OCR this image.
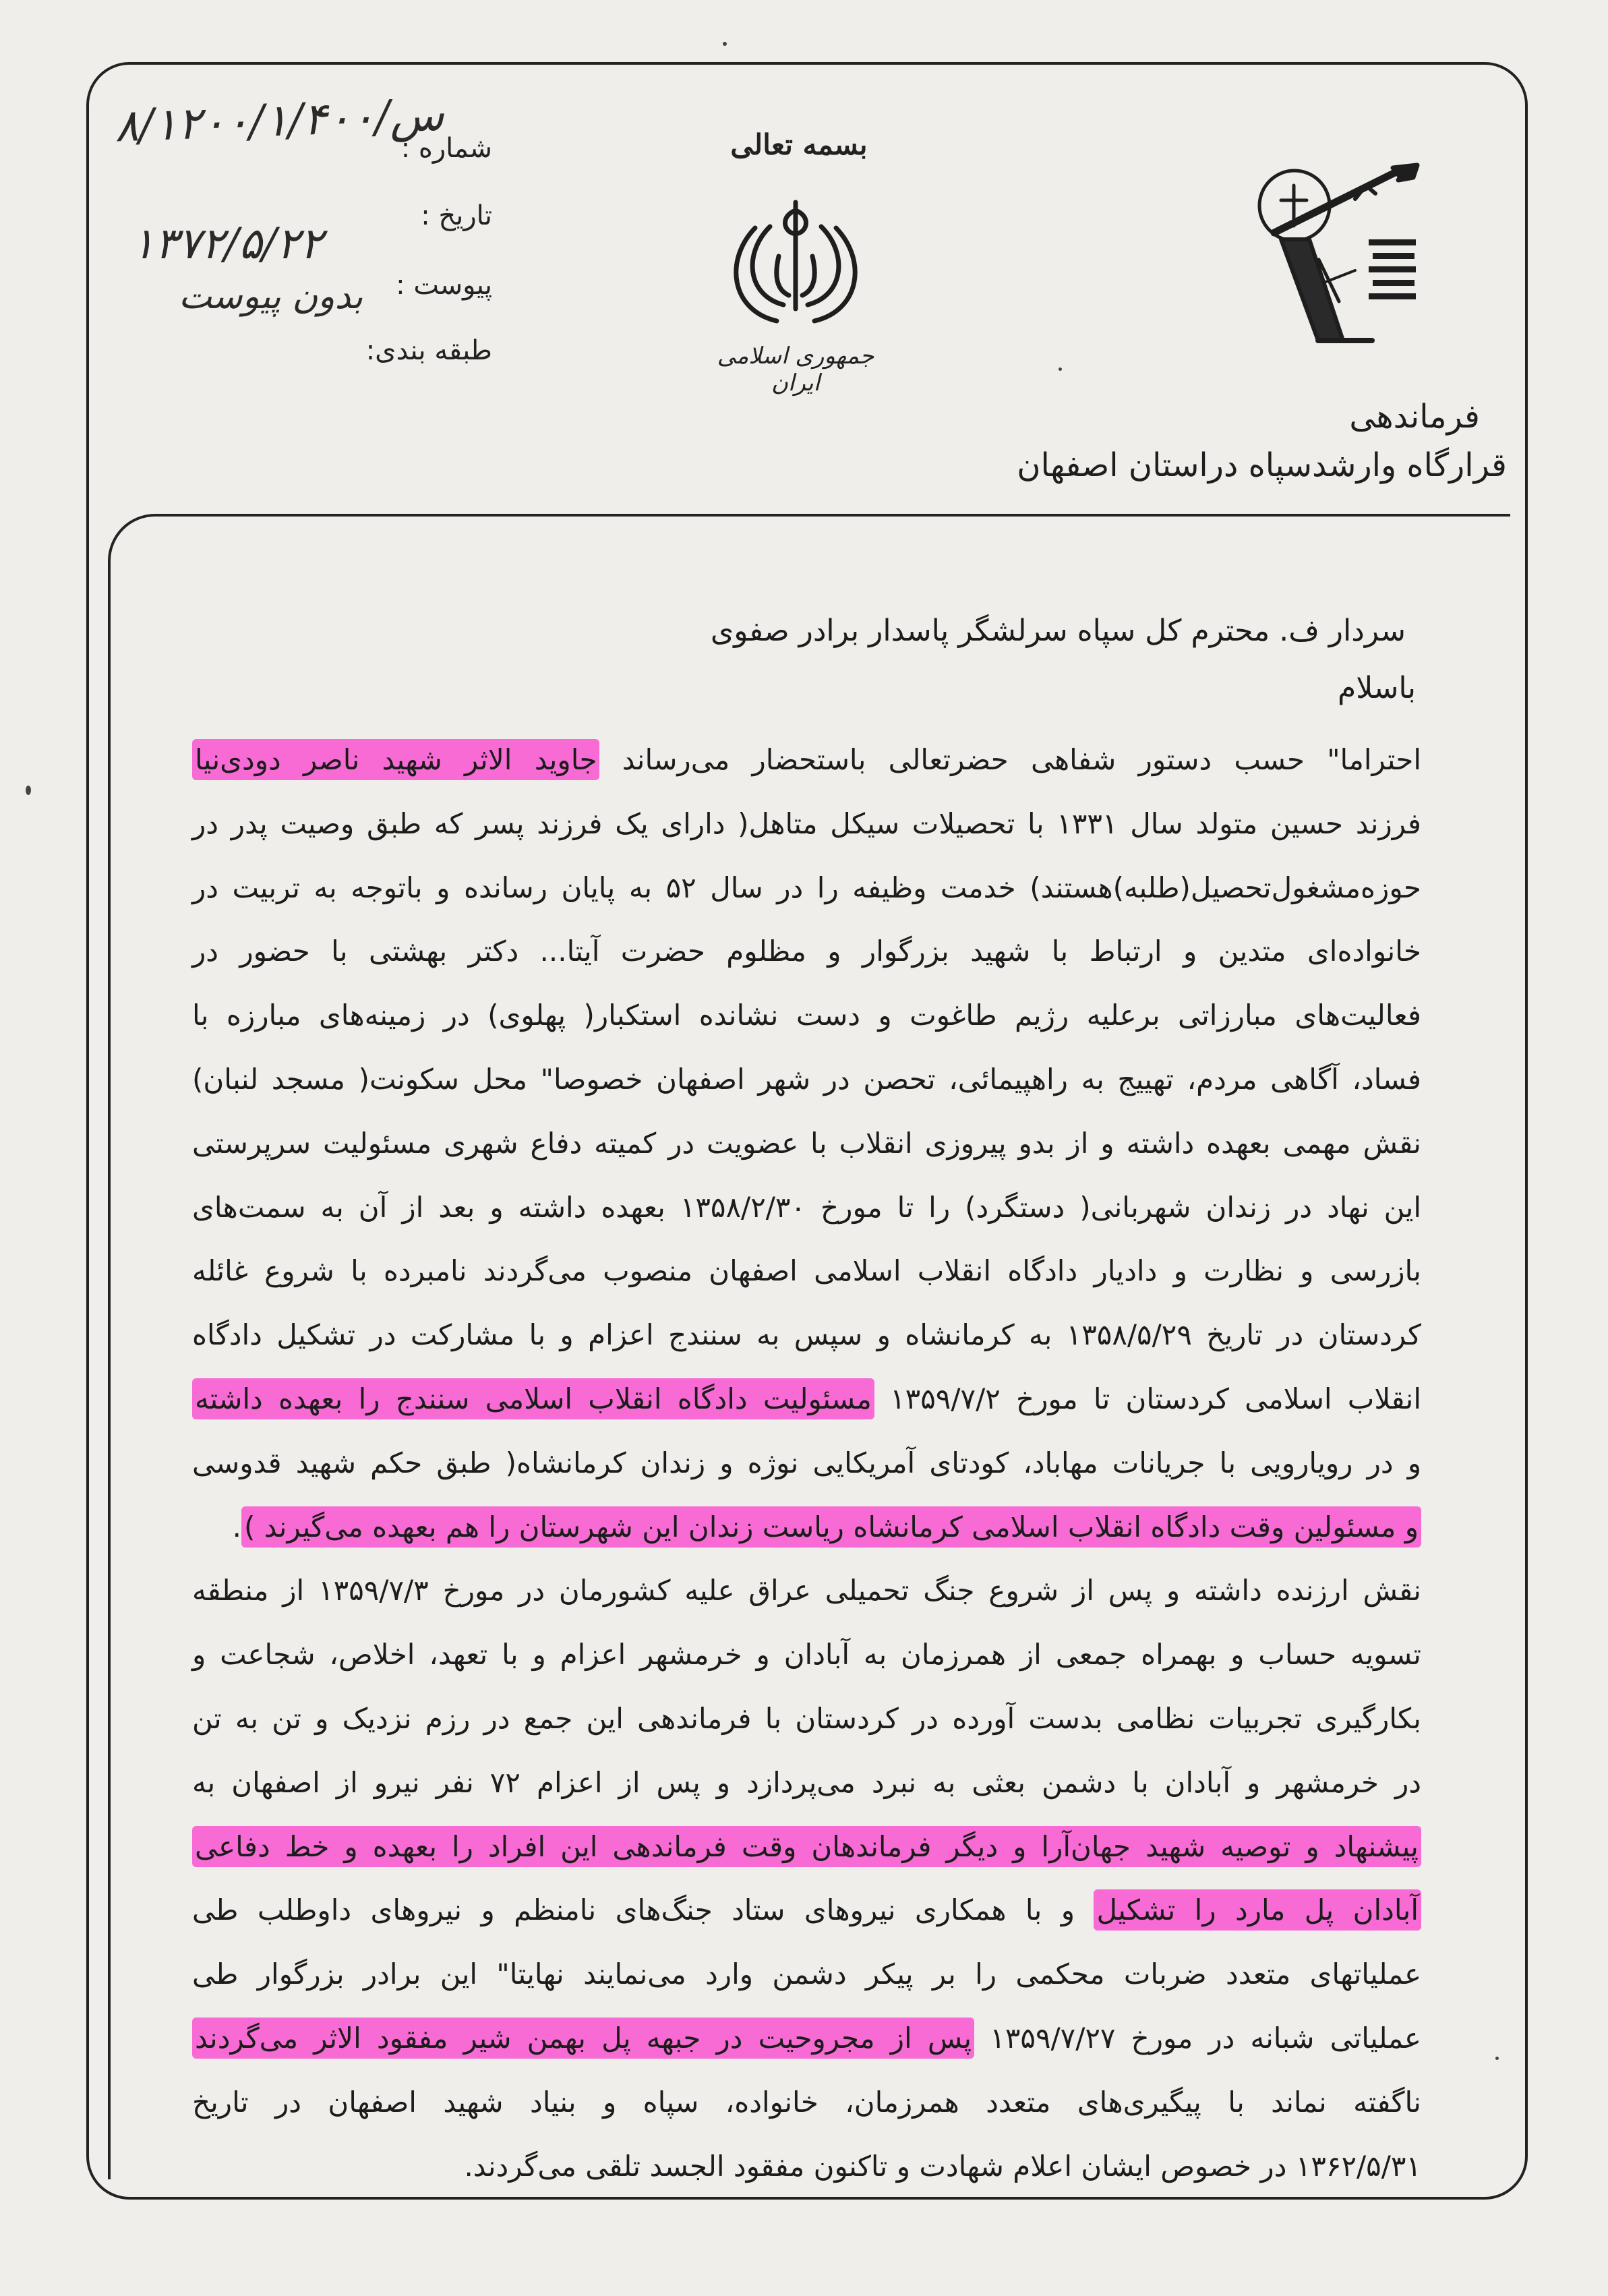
۸/۱۲۰۰/۱/۴۰۰/س
۱۳۷۲/۵/۲۲
بدون پیوست
شماره :
تاریخ :
پیوست :
طبقه بندی:
بسمه تعالی
جمهوری اسلامی ایران
فرماندهی
قرارگاه وارشدسپاه دراستان اصفهان
سردار ف. محترم کل سپاه سرلشگر پاسدار برادر صفوی
باسلام
احتراما" حسب دستور شفاهی حضرتعالی باستحضار می‌رساند جاوید الاثر شهید ناصر دودی‌نیا
فرزند حسین متولد سال ۱۳۳۱ با تحصیلات سیکل متاهل( دارای یک فرزند پسر که طبق وصیت پدر در
حوزه‌مشغول‌تحصیل(طلبه)هستند) خدمت وظیفه را در سال ۵۲ به پایان رسانده و باتوجه به تربیت در
خانواده‌ای متدین و ارتباط با شهید بزرگوار و مظلوم حضرت آیتا... دکتر بهشتی با حضور در
فعالیت‌های مبارزاتی برعلیه رژیم طاغوت و دست نشانده استکبار( پهلوی) در زمینه‌های مبارزه با
فساد، آگاهی مردم، تهییج به راهپیمائی، تحصن در شهر اصفهان خصوصا" محل سکونت( مسجد لنبان)
نقش مهمی بعهده داشته و از بدو پیروزی انقلاب با عضویت در کمیته دفاع شهری مسئولیت سرپرستی
این نهاد در زندان شهربانی( دستگرد) را تا مورخ ۱۳۵۸/۲/۳۰ بعهده داشته و بعد از آن به سمت‌های
بازرسی و نظارت و دادیار دادگاه انقلاب اسلامی اصفهان منصوب می‌گردند نامبرده با شروع غائله
کردستان در تاریخ ۱۳۵۸/۵/۲۹ به کرمانشاه و سپس به سنندج اعزام و با مشارکت در تشکیل دادگاه
انقلاب اسلامی کردستان تا مورخ ۱۳۵۹/۷/۲ مسئولیت دادگاه انقلاب اسلامی سنندج را بعهده داشته
و در رویارویی با جریانات مهاباد، کودتای آمریکایی نوژه و زندان کرمانشاه( طبق حکم شهید قدوسی
و مسئولین وقت دادگاه انقلاب اسلامی کرمانشاه ریاست زندان این شهرستان را هم بعهده می‌گیرند ).
نقش ارزنده داشته و پس از شروع جنگ تحمیلی عراق علیه کشورمان در مورخ ۱۳۵۹/۷/۳ از منطقه
تسویه حساب و بهمراه جمعی از همرزمان به آبادان و خرمشهر اعزام و با تعهد، اخلاص، شجاعت و
بکارگیری تجربیات نظامی بدست آورده در کردستان با فرماندهی این جمع در رزم نزدیک و تن به تن
در خرمشهر و آبادان با دشمن بعثی به نبرد می‌پردازد و پس از اعزام ۷۲ نفر نیرو از اصفهان به
پیشنهاد و توصیه شهید جهان‌آرا و دیگر فرماندهان وقت فرماندهی این افراد را بعهده و خط دفاعی
آبادان پل مارد را تشکیل و با همکاری نیروهای ستاد جنگ‌های نامنظم و نیروهای داوطلب طی
عملیاتهای متعدد ضربات محکمی را بر پیکر دشمن وارد می‌نمایند نهایتا" این برادر بزرگوار طی
عملیاتی شبانه در مورخ ۱۳۵۹/۷/۲۷ پس از مجروحیت در جبهه پل بهمن شیر مفقود الاثر می‌گردند
ناگفته نماند با پیگیری‌های متعدد همرزمان، خانواده، سپاه و بنیاد شهید اصفهان در تاریخ
۱۳۶۲/۵/۳۱ در خصوص ایشان اعلام شهادت و تاکنون مفقود الجسد تلقی می‌گردند.
